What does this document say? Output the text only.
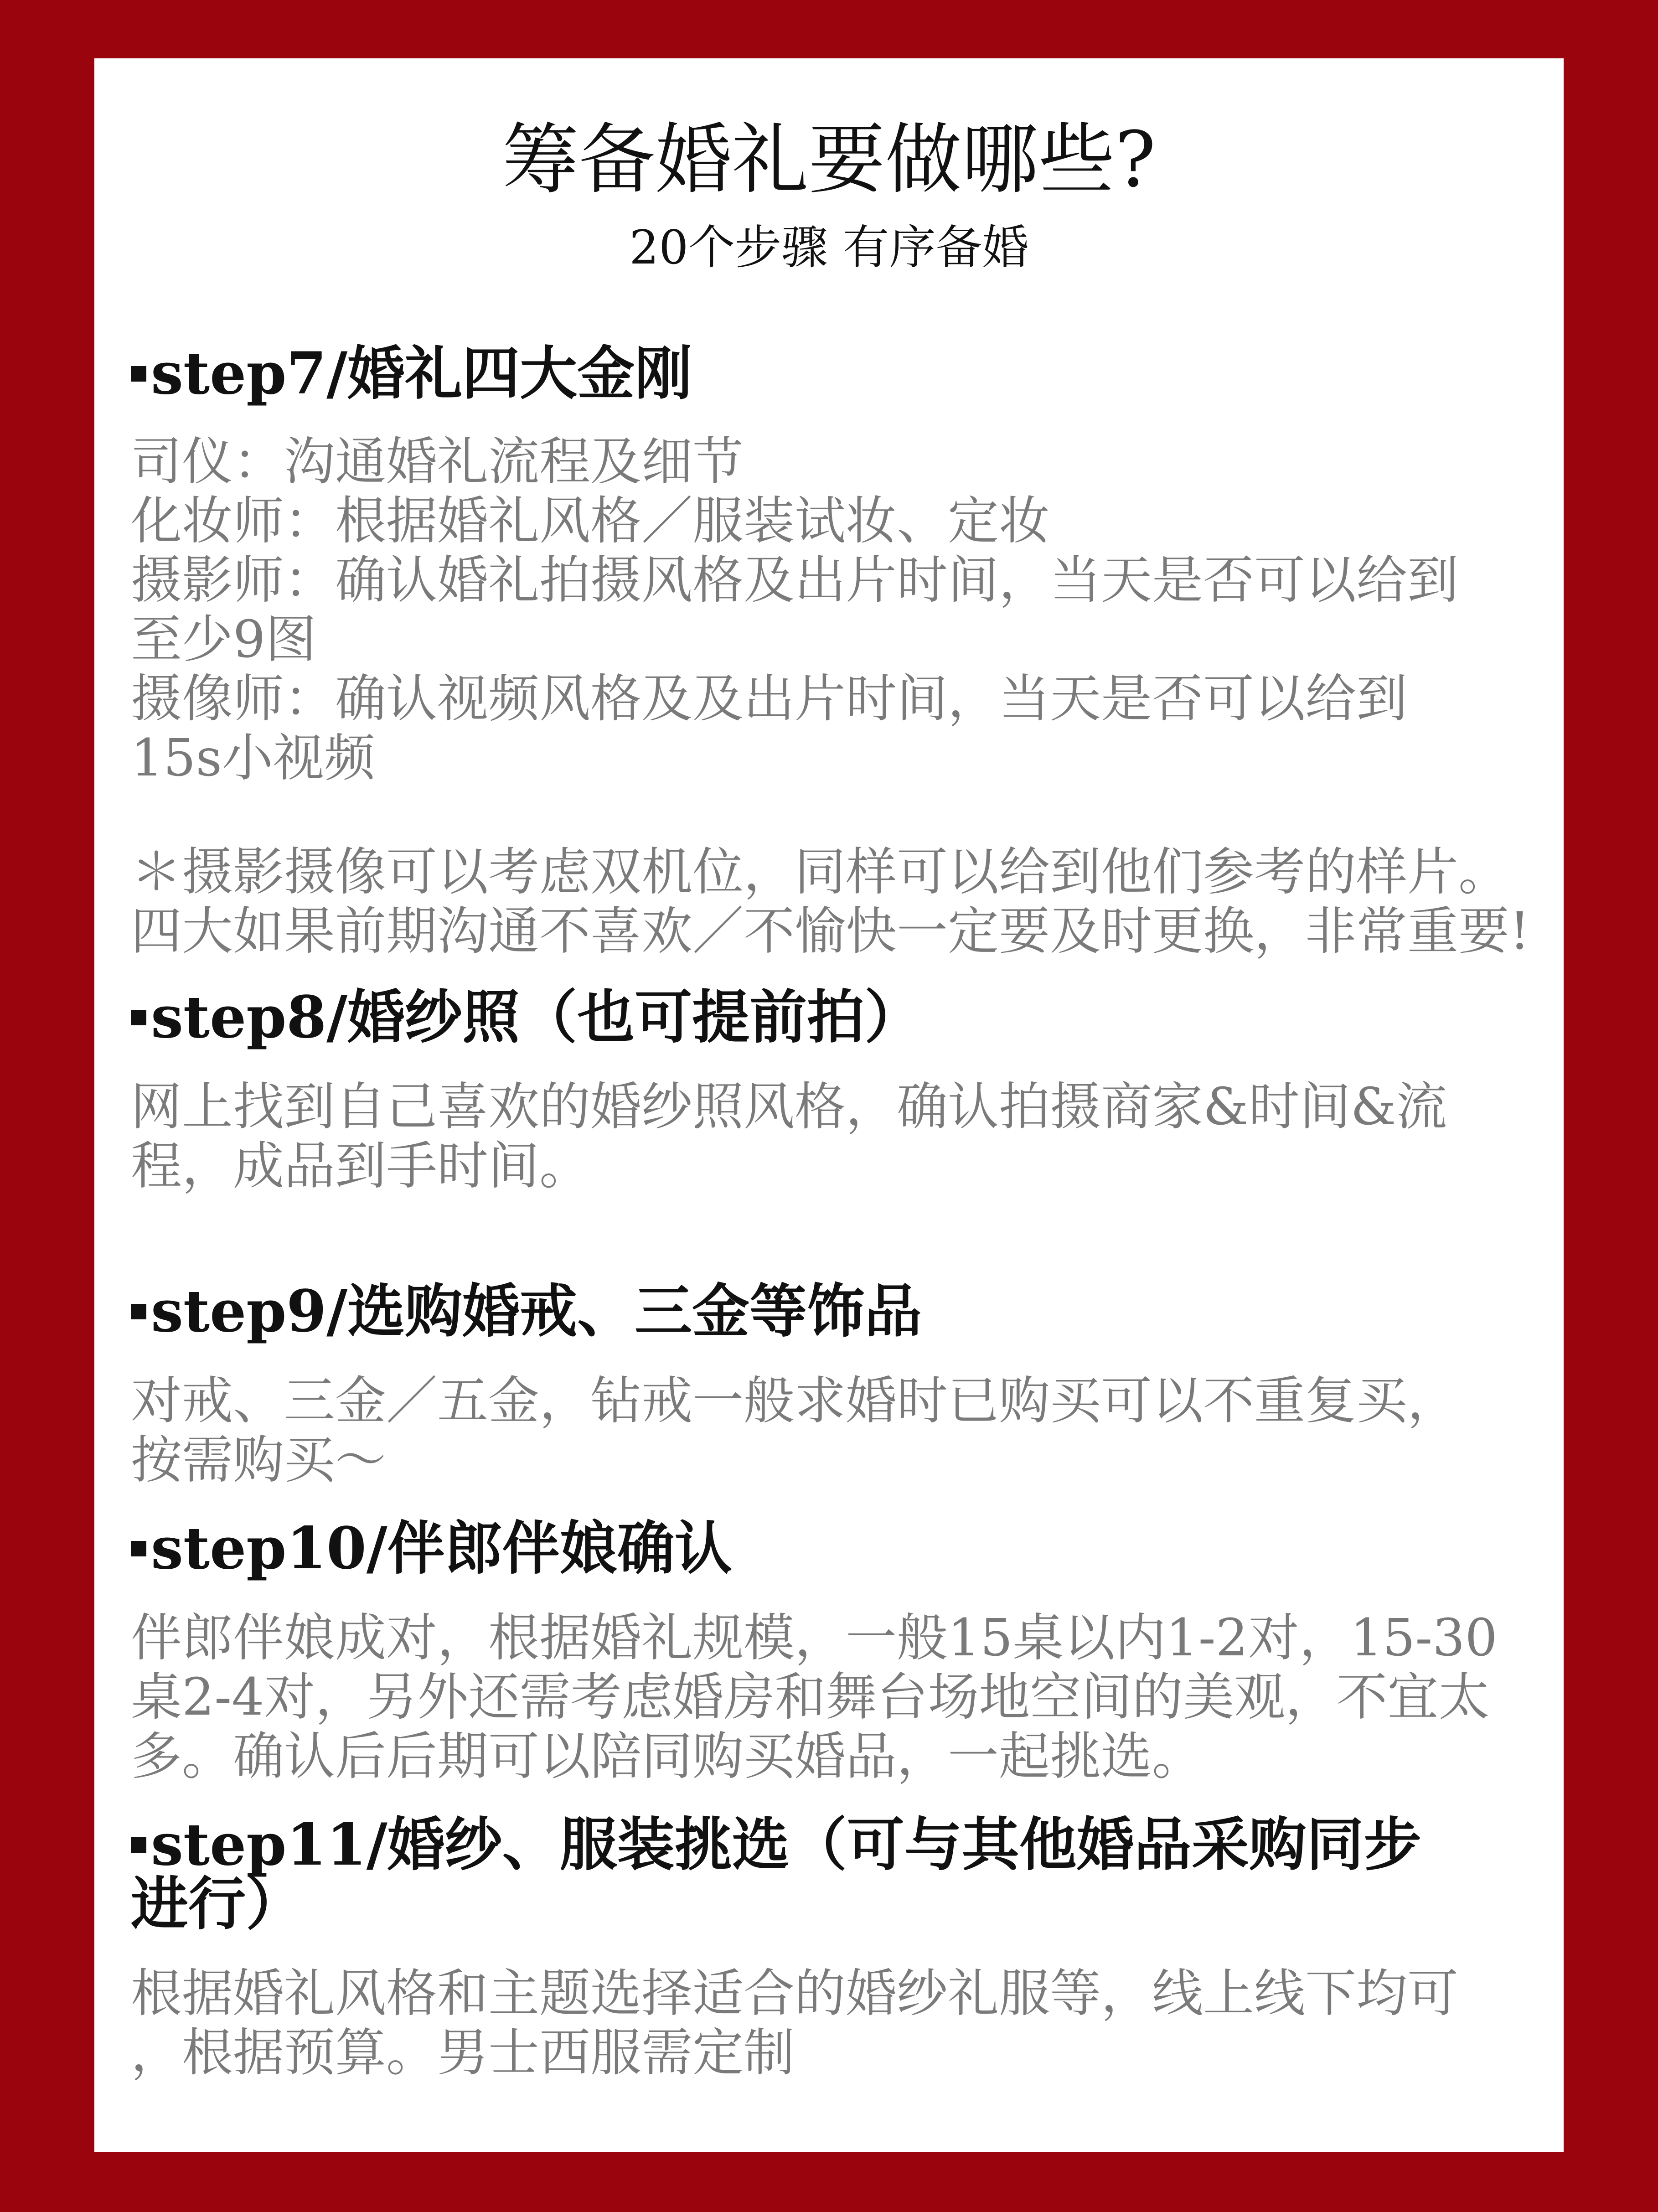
筹备婚礼要做哪些?

20个步骤 有序备婚

step7/婚礼四大金刚

司仪：沟通婚礼流程及细节

化妆师：根据婚礼风格／服装试妆、定妆

摄影师：确认婚礼拍摄风格及出片时间，当天是否可以给到

至少9图

摄像师：确认视频风格及及出片时间，当天是否可以给到

15s小视频

＊摄影摄像可以考虑双机位，同样可以给到他们参考的样片。

四大如果前期沟通不喜欢／不愉快一定要及时更换，非常重要!

step8/婚纱照（也可提前拍）

网上找到自己喜欢的婚纱照风格，确认拍摄商家&时间&流

程，成品到手时间。

step9/选购婚戒、三金等饰品

对戒、三金／五金，钻戒一般求婚时已购买可以不重复买，

按需购买～

step10/伴郎伴娘确认

伴郎伴娘成对，根据婚礼规模，一般15桌以内1-2对，15-30

桌2-4对，另外还需考虑婚房和舞台场地空间的美观，不宜太

多。确认后后期可以陪同购买婚品，一起挑选。

step11/婚纱、服装挑选（可与其他婚品采购同步
进行）

根据婚礼风格和主题选择适合的婚纱礼服等，线上线下均可

，根据预算。男士西服需定制
